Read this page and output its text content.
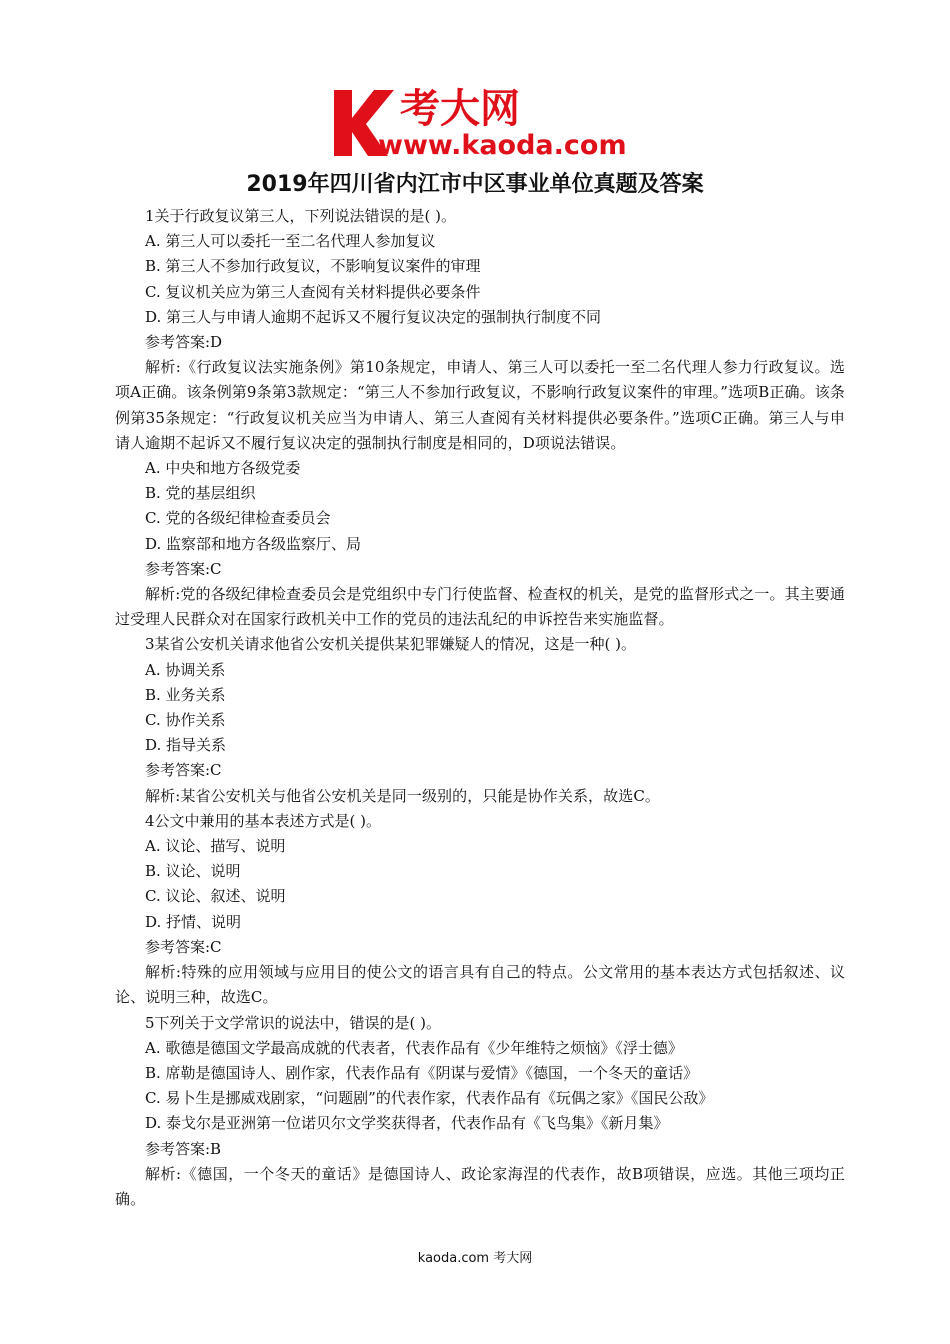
考大网
www.kaoda.com
2019年四川省内江市中区事业单位真题及答案
1关于行政复议第三人，下列说法错误的是( )。
A. 第三人可以委托一至二名代理人参加复议
B. 第三人不参加行政复议，不影响复议案件的审理
C. 复议机关应为第三人查阅有关材料提供必要条件
D. 第三人与申请人逾期不起诉又不履行复议决定的强制执行制度不同
参考答案:D
解析:《行政复议法实施条例》第10条规定，申请人、第三人可以委托一至二名代理人参力行政复议。选项A正确。该条例第9条第3款规定：“第三人不参加行政复议，不影响行政复议案件的审理。”选项B正确。该条例第35条规定：“行政复议机关应当为申请人、第三人查阅有关材料提供必要条件。”选项C正确。第三人与申请人逾期不起诉又不履行复议决定的强制执行制度是相同的，D项说法错误。
A. 中央和地方各级党委
B. 党的基层组织
C. 党的各级纪律检查委员会
D. 监察部和地方各级监察厅、局
参考答案:C
解析:党的各级纪律检查委员会是党组织中专门行使监督、检查权的机关，是党的监督形式之一。其主要通过受理人民群众对在国家行政机关中工作的党员的违法乱纪的申诉控告来实施监督。
3某省公安机关请求他省公安机关提供某犯罪嫌疑人的情况，这是一种( )。
A. 协调关系
B. 业务关系
C. 协作关系
D. 指导关系
参考答案:C
解析:某省公安机关与他省公安机关是同一级别的，只能是协作关系，故选C。
4公文中兼用的基本表述方式是( )。
A. 议论、描写、说明
B. 议论、说明
C. 议论、叙述、说明
D. 抒情、说明
参考答案:C
解析:特殊的应用领域与应用目的使公文的语言具有自己的特点。公文常用的基本表达方式包括叙述、议论、说明三种，故选C。
5下列关于文学常识的说法中，错误的是( )。
A. 歌德是德国文学最高成就的代表者，代表作品有《少年维特之烦恼》《浮士德》
B. 席勒是德国诗人、剧作家，代表作品有《阴谋与爱情》《德国，一个冬天的童话》
C. 易卜生是挪威戏剧家，“问题剧”的代表作家，代表作品有《玩偶之家》《国民公敌》
D. 泰戈尔是亚洲第一位诺贝尔文学奖获得者，代表作品有《飞鸟集》《新月集》
参考答案:B
解析:《德国，一个冬天的童话》是德国诗人、政论家海涅的代表作，故B项错误，应选。其他三项均正确。
kaoda.com 考大网
